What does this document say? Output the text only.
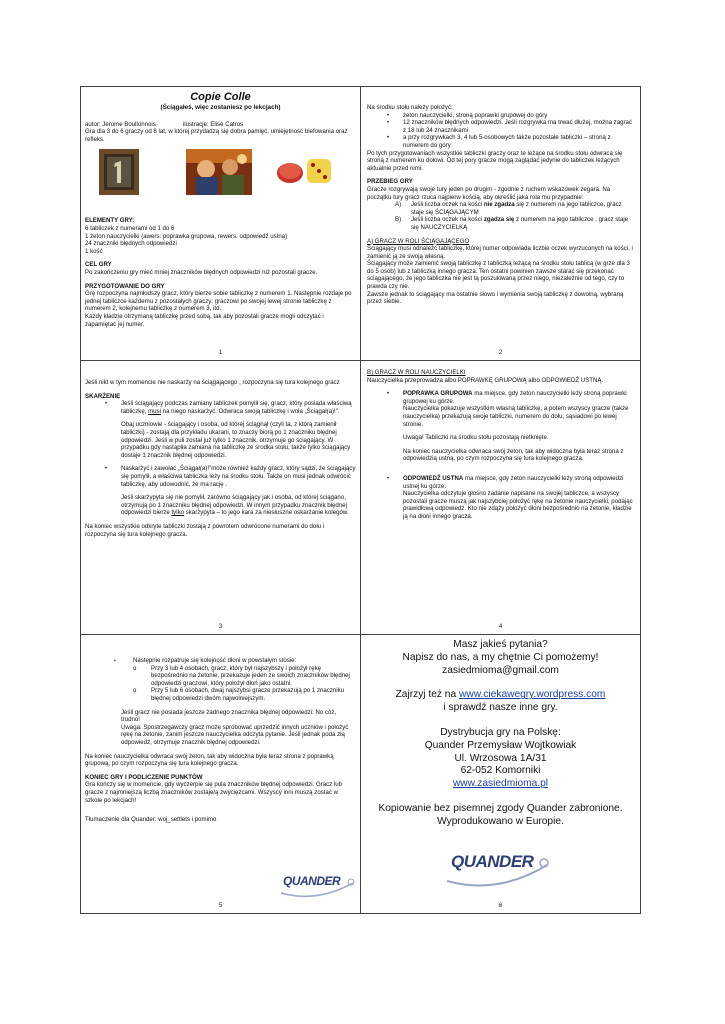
Copie Colle

(Ściągałeś, więc zostaniesz po lekcjach)

autor: Jerome Boullonnois                ilustracje: Elise Catros

Gra dla 3 do 6 graczy od 8 lat, w której przydadzą się dobra pamięć, umiejętność blefowania oraz refleks.

ELEMENTY GRY:

6 tabliczek z numerami od 1 do 6

1 żeton nauczycielki (awers: poprawka grupowa, rewers: odpowiedź ustna)

24 znaczniki błędnych odpowiedzi

1 kość

CEL GRY

Po zakończeniu gry mieć mniej znaczników błędnych odpowiedzi niż pozostali gracze.

PRZYGOTOWANIE DO GRY

Grę rozpoczyna najmłodszy gracz, który bierze sobie tabliczkę z numerem 1. Następnie rozdaje po jednej tabliczce każdemu z pozostałych graczy: graczowi po swojej lewej stronie tabliczkę z numerem 2, kolejnemu tabliczkę z numerem 3, itd.

Każdy kładzie otrzymaną tabliczkę przed sobą, tak aby pozostali gracze mogli odczytać i zapamiętać jej numer.

1

Na środku stołu należy położyć:

• żeton nauczycielki, stroną poprawki grupowej do góry

• 12 znaczników błędnych odpowiedzi. Jeśli rozgrywka ma trwać dłużej, można zagrać z 18 lub 24 znacznikami

• a przy rozgrywkach 3, 4 lub 5-osobowych także pozostałe tabliczki – stroną z numerem do góry

Po tych przygotowaniach wszystkie tabliczki graczy oraz te leżące na środku stołu odwraca się stroną z numerem ku dołowi. Od tej pory gracze mogą zaglądać jedynie do tabliczek leżących aktualnie przed nimi.

PRZEBIEG GRY

Gracze rozgrywają swoje tury jeden po drugim - zgodnie z ruchem wskazówek zegara. Na początku tury gracz rzuca najpierw kością, aby określić jaka rola mu przypadnie:

A) Jeśli liczba oczek na kości nie zgadza się z numerem na jego tabliczce, gracz staje się ŚCIĄGAJĄCYM

B) Jeśli liczba oczek na kości zgadza się z numerem na jego tabliczce , gracz staje się NAUCZYCIELKĄ

A) GRACZ W ROLI ŚCIĄGAJĄCEGO

Ściągający musi odnaleźć tabliczkę, której numer odpowiada liczbie oczek wyrzuconych na kości, i zamienić ją ze swoją własną.

Ściągający może zamienić swoją tabliczkę z tabliczką leżącą na środku stołu tablicą (w grze dla 3 do 5 osób) lub z tabliczką innego gracza. Ten ostatni powinien zawsze starać się przekonać ściągającego, że jego tabliczka nie jest tą poszukiwaną przez niego, niezależnie od tego, czy to prawda czy nie.

Zawsze jednak to ściągający ma ostatnie słowo i wymienia swoją tabliczkę z dowolną, wybraną przez siebie.

2

Jeśli nikt w tym momencie nie naskarży na ściągającego , rozpoczyna się tura kolejnego gracz

SKARŻENIE

• Jeśli ściągający podczas zamiany tabliczek pomylił się, gracz, który posiada właściwą tabliczkę, musi na niego naskarżyć. Odwraca swoją tabliczkę i woła „Ściągał(a)!".

Obaj uczniowie - ściągający i osoba, od której ściągnął (czyli ta, z którą zamienił tabliczki) - zostają dla przykładu ukarani, to znaczy biorą po 1 znaczniku błędnej odpowiedzi. Jeśli w puli został już tylko 1 znacznik, otrzymuje go ściągający. W przypadku gdy nastąpiła zamiana na tabliczkę ze środka stołu, także tylko ściągający dostaje 1 znacznik błędnej odpowiedzi.

• Naskarżyć i zawołać „Ściągał(a)!"może również każdy gracz, który sądzi, że ściągający się pomylił, a właściwa tabliczka leży na środku stołu. Także on musi jednak odwrócić tabliczkę, aby udowodnić, że ma rację .

Jeśli skarżypyta się nie pomylił, zarówno ściągający jak i osoba, od której ściągano, otrzymują po 1 znaczniku błędnej odpowiedzi. W innym przypadku znacznik błędnej odpowiedzi bierze tylko skarżypyta – to jego kara za niesłuszne oskarżanie kolegów.

Na koniec wszystkie odkryte tabliczki zostają z powrotem odwrócone numerami do dołu i rozpoczyna się tura kolejnego gracza.

3

B) GRACZ W ROLI NAUCZYCIELKI

Nauczycielka przeprowadza albo POPRAWKĘ GRUPOWĄ albo ODPOWIEDŹ USTNĄ.

• POPRAWKA GRUPOWA ma miejsce, gdy żeton nauczycielki leży stroną poprawki grupowej ku górze.

Nauczycielka pokazuje wszystkim własną tabliczkę, a potem wszyscy gracze (także nauczycielka) przekazują swoje tabliczki, numerem do dołu, sąsiadowi po lewej stronie.

Uwaga! Tabliczki na środku stołu pozostają nietknięte.

Na koniec nauczycielka odwraca swój żeton, tak aby widoczna była teraz strona z odpowiedzią ustną, po czym rozpoczyna się tura kolejnego gracza.

• ODPOWIEDŹ USTNA ma miejsce, gdy żeton nauczycielki leży stroną odpowiedzi ustnej ku górze.

Nauczycielka odczytuje głośno zadanie napisane na swojej tabliczce, a wszyscy pozostali gracze muszą jak najszybciej położyć rękę na żetonie nauczycielki, podając prawidłową odpowiedź. Kto nie zdąży położyć dłoni bezpośrednio na żetonie, kładzie ją na dłoni innego gracza.

4

• Następnie rozpatruje się kolejność dłoni w powstałym stosie:

o Przy 3 lub 4 osobach, gracz, który był najszybszy i położył rękę bezpośrednio na żetonie, przekazuje jeden ze swoich znaczników błędnej odpowiedzi graczowi, który położył dłoń jako ostatni.

o Przy 5 lub 6 osobach, dwaj najszybsi gracze przekazują po 1 znaczniku błędnej odpowiedzi dwóm najwolniejszym.

Jeśli gracz nie posiada jeszcze żadnego znacznika błędnej odpowiedzi: No cóż, trudno!

Uwaga: Spostrzegawczy gracz może spróbować uprzedzić innych uczniów i położyć rękę na żetonie, zanim jeszcze nauczycielka odczyta pytanie. Jeśli jednak poda złą odpowiedź, otrzymuje znacznik błędnej odpowiedzi.

Na koniec nauczycielka odwraca swój żeton, tak aby widoczna była teraz strona z poprawką grupową, po czym rozpoczyna się tura kolejnego gracza.

KONIEC GRY I PODLICZENIE PUNKTÓW

Gra kończy się w momencie, gdy wyczerpie się pula znaczników błędnej odpowiedzi. Gracz lub gracze z najmniejszą liczbą znaczników zostaje/ą zwycięzcami. Wszyscy inni muszą zostać w szkole po lekcjach!

Tłumaczenie dla Quander: woj_settlets i pomimo

QUANDER
5

Masz jakieś pytania?

Napisz do nas, a my chętnie Ci pomożemy!

zasiedmioma@gmail.com

Zajrzyj też na www.ciekawegry.wordpress.com

i sprawdź nasze inne gry.

Dystrybucja gry na Polskę:

Quander Przemysław Wojtkowiak

Ul. Wrzosowa 1A/31

62-052 Komorniki

www.zasiedmioma.pl

Kopiowanie bez pisemnej zgody Quander zabronione.

Wyprodukowano w Europie.

QUANDER
6
